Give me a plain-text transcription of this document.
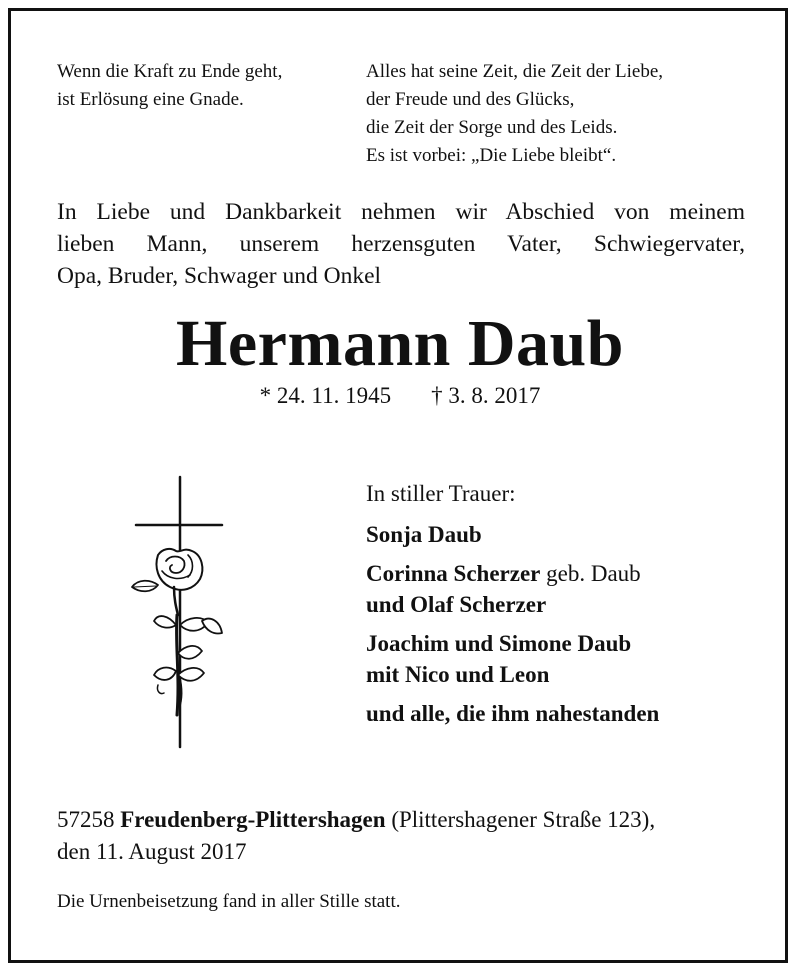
Wenn die Kraft zu Ende geht,
ist Erlösung eine Gnade.
Alles hat seine Zeit, die Zeit der Liebe,
der Freude und des Glücks,
die Zeit der Sorge und des Leids.
Es ist vorbei: „Die Liebe bleibt“.
In Liebe und Dankbarkeit nehmen wir Abschied von meinem
lieben Mann, unserem herzensguten Vater, Schwiegervater,
Opa, Bruder, Schwager und Onkel
Hermann Daub
* 24. 11. 1945 † 3. 8. 2017
In stiller Trauer:
Sonja Daub
Corinna Scherzer geb. Daub
und Olaf Scherzer
Joachim und Simone Daub
mit Nico und Leon
und alle, die ihm nahestanden
57258 Freudenberg-Plittershagen (Plittershagener Straße 123),
den 11. August 2017
Die Urnenbeisetzung fand in aller Stille statt.
